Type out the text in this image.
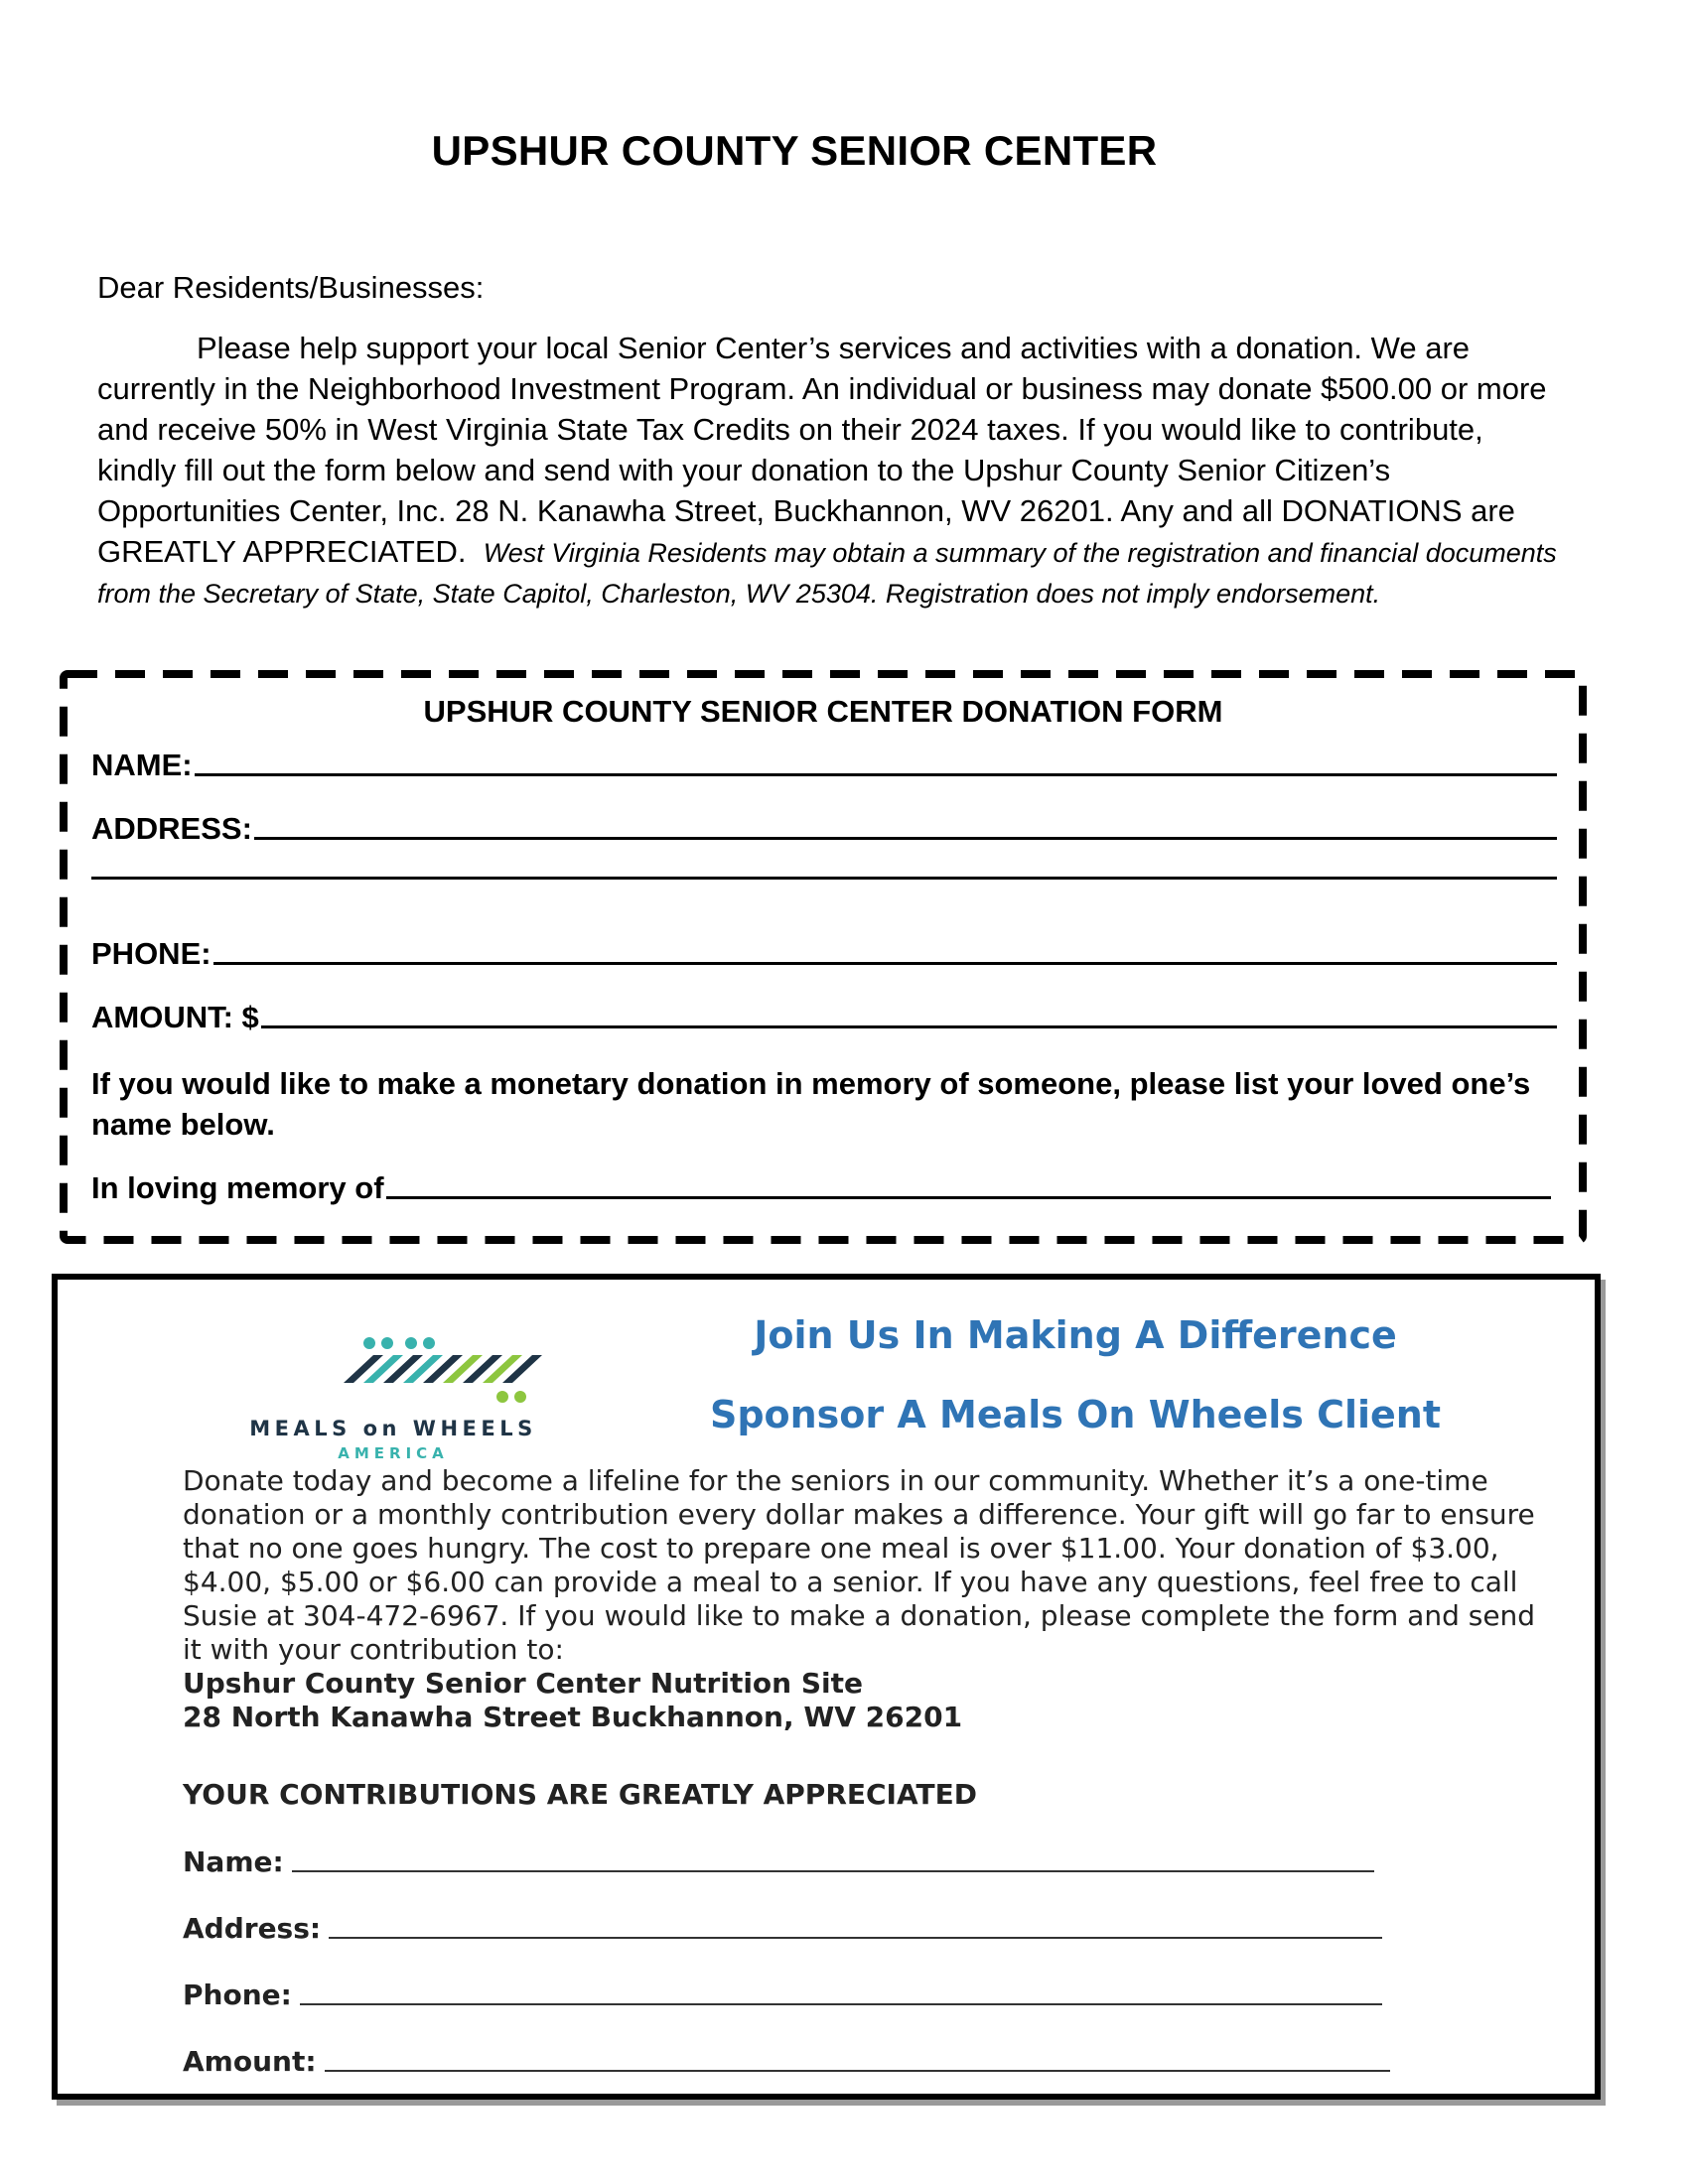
UPSHUR COUNTY SENIOR CENTER
Dear Residents/Businesses:
Please help support your local Senior Center’s services and activities with a donation. We are currently in the Neighborhood Investment Program. An individual or business may donate $500.00 or more and receive 50% in West Virginia State Tax Credits on their 2024 taxes. If you would like to contribute, kindly fill out the form below and send with your donation to the Upshur County Senior Citizen’s Opportunities Center, Inc. 28 N. Kanawha Street, Buckhannon, WV 26201. Any and all DONATIONS are GREATLY APPRECIATED. West Virginia Residents may obtain a summary of the registration and financial documents from the Secretary of State, State Capitol, Charleston, WV 25304. Registration does not imply endorsement.
UPSHUR COUNTY SENIOR CENTER DONATION FORM
NAME:
ADDRESS:
PHONE:
AMOUNT: $
If you would like to make a monetary donation in memory of someone, please list your loved one’s name below.
In loving memory of
MEALS on WHEELS
AMERICA
Join Us In Making A Difference
Sponsor A Meals On Wheels Client
Donate today and become a lifeline for the seniors in our community. Whether it’s a one-time donation or a monthly contribution every dollar makes a difference. Your gift will go far to ensure that no one goes hungry. The cost to prepare one meal is over $11.00. Your donation of $3.00, $4.00, $5.00 or $6.00 can provide a meal to a senior. If you have any questions, feel free to call Susie at 304-472-6967. If you would like to make a donation, please complete the form and send it with your contribution to:
Upshur County Senior Center Nutrition Site
28 North Kanawha Street Buckhannon, WV 26201
YOUR CONTRIBUTIONS ARE GREATLY APPRECIATED
Name:
Address:
Phone:
Amount:
